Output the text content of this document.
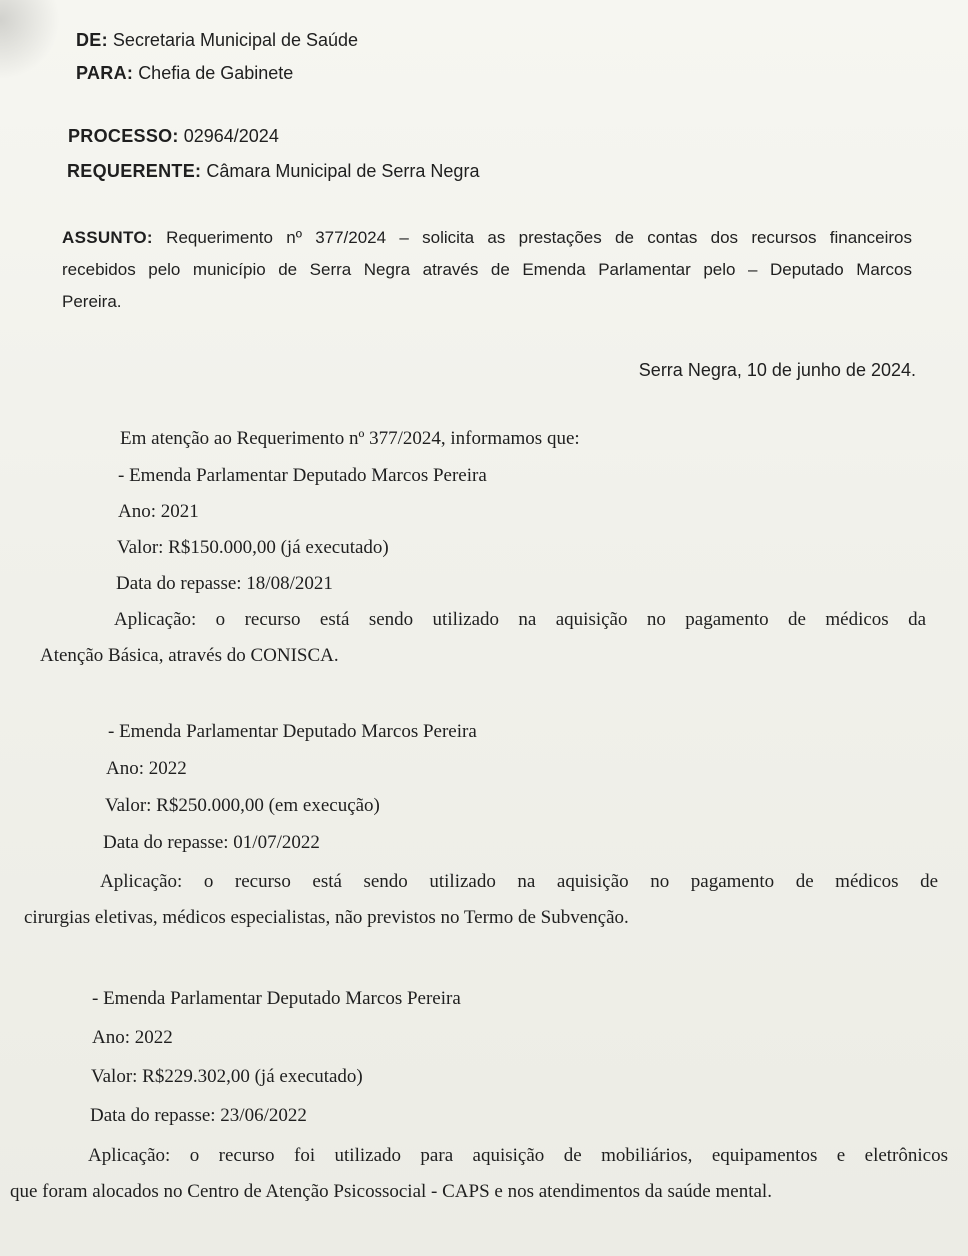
DE: Secretaria Municipal de Saúde
PARA: Chefia de Gabinete
PROCESSO: 02964/2024
REQUERENTE: Câmara Municipal de Serra Negra
ASSUNTO: Requerimento nº 377/2024 – solicita as prestações de contas dos recursos financeiros
recebidos pelo município de Serra Negra através de Emenda Parlamentar pelo – Deputado Marcos
Pereira.
Serra Negra, 10 de junho de 2024.
Em atenção ao Requerimento nº 377/2024, informamos que:
- Emenda Parlamentar Deputado Marcos Pereira
Ano: 2021
Valor: R$150.000,00 (já executado)
Data do repasse: 18/08/2021
Aplicação: o recurso está sendo utilizado na aquisição no pagamento de médicos da
Atenção Básica, através do CONISCA.
- Emenda Parlamentar Deputado Marcos Pereira
Ano: 2022
Valor: R$250.000,00 (em execução)
Data do repasse: 01/07/2022
Aplicação: o recurso está sendo utilizado na aquisição no pagamento de médicos de
cirurgias eletivas, médicos especialistas, não previstos no Termo de Subvenção.
- Emenda Parlamentar Deputado Marcos Pereira
Ano: 2022
Valor: R$229.302,00 (já executado)
Data do repasse: 23/06/2022
Aplicação: o recurso foi utilizado para aquisição de mobiliários, equipamentos e eletrônicos
que foram alocados no Centro de Atenção Psicossocial - CAPS e nos atendimentos da saúde mental.
